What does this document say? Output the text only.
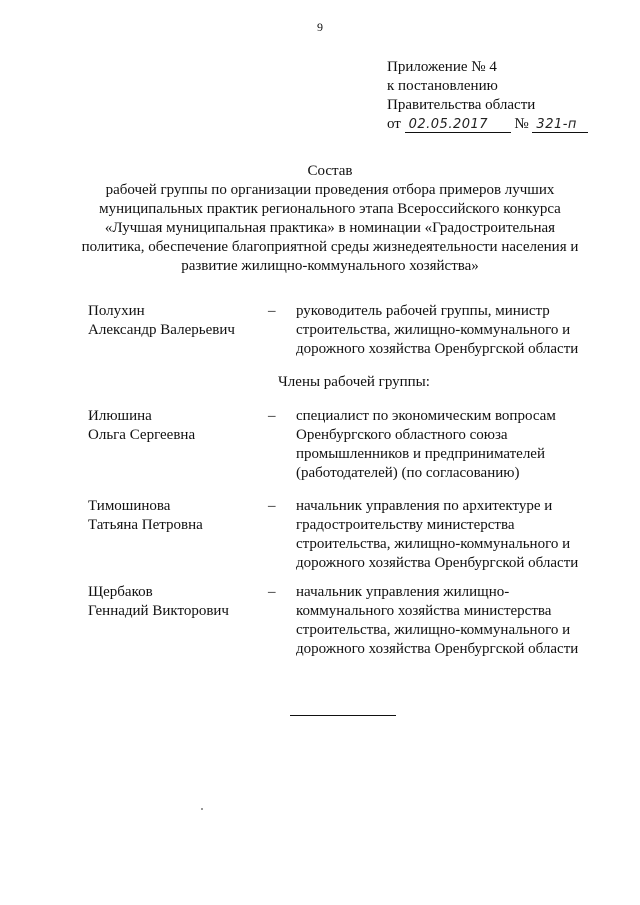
9
Приложение № 4
к постановлению
Правительства области
от 02.05.2017 № 321-п
Состав
рабочей группы по организации проведения отбора примеров лучших
муниципальных практик регионального этапа Всероссийского конкурса
«Лучшая муниципальная практика» в номинации «Градостроительная
политика, обеспечение благоприятной среды жизнедеятельности населения и
развитие жилищно-коммунального хозяйства»
Полухин
Александр Валерьевич
–	руководитель рабочей группы, министр
строительства, жилищно-коммунального и
дорожного хозяйства Оренбургской области
Члены рабочей группы:
Илюшина
Ольга Сергеевна
–	специалист по экономическим вопросам
Оренбургского областного союза
промышленников и предпринимателей
(работодателей) (по согласованию)
Тимошинова
Татьяна Петровна
–	начальник управления по архитектуре и
градостроительству министерства
строительства, жилищно-коммунального и
дорожного хозяйства Оренбургской области
Щербаков
Геннадий Викторович
–	начальник управления жилищно-
коммунального хозяйства министерства
строительства, жилищно-коммунального и
дорожного хозяйства Оренбургской области
